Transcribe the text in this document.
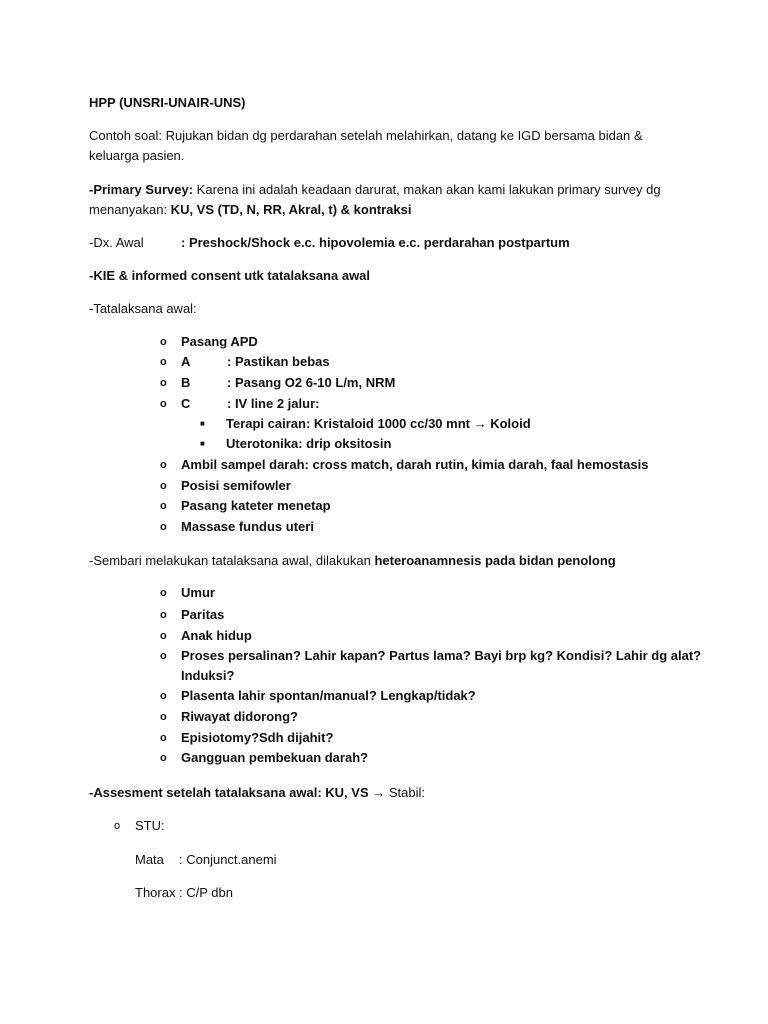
HPP (UNSRI-UNAIR-UNS)
Contoh soal: Rujukan bidan dg perdarahan setelah melahirkan, datang ke IGD bersama bidan & keluarga pasien.
-Primary Survey: Karena ini adalah keadaan darurat, makan akan kami lakukan primary survey dg
menanyakan: KU, VS (TD, N, RR, Akral, t) & kontraksi
-Dx. Awal	: Preshock/Shock e.c. hipovolemia e.c. perdarahan postpartum
-KIE & informed consent utk tatalaksana awal
-Tatalaksana awal:
o Pasang APD
o A	: Pastikan bebas
o B	: Pasang O2 6-10 L/m, NRM
o C	: IV line 2 jalur:
■ Terapi cairan: Kristaloid 1000 cc/30 mnt → Koloid
■ Uterotonika: drip oksitosin
o Ambil sampel darah: cross match, darah rutin, kimia darah, faal hemostasis
o Posisi semifowler
o Pasang kateter menetap
o Massase fundus uteri
-Sembari melakukan tatalaksana awal, dilakukan heteroanamnesis pada bidan penolong
o Umur
o Paritas
o Anak hidup
o Proses persalinan? Lahir kapan? Partus lama? Bayi brp kg? Kondisi? Lahir dg alat?
Induksi?
o Plasenta lahir spontan/manual? Lengkap/tidak?
o Riwayat didorong?
o Episiotomy?Sdh dijahit?
o Gangguan pembekuan darah?
-Assesment setelah tatalaksana awal: KU, VS → Stabil:
o STU:
Mata : Conjunct.anemi
Thorax : C/P dbn
